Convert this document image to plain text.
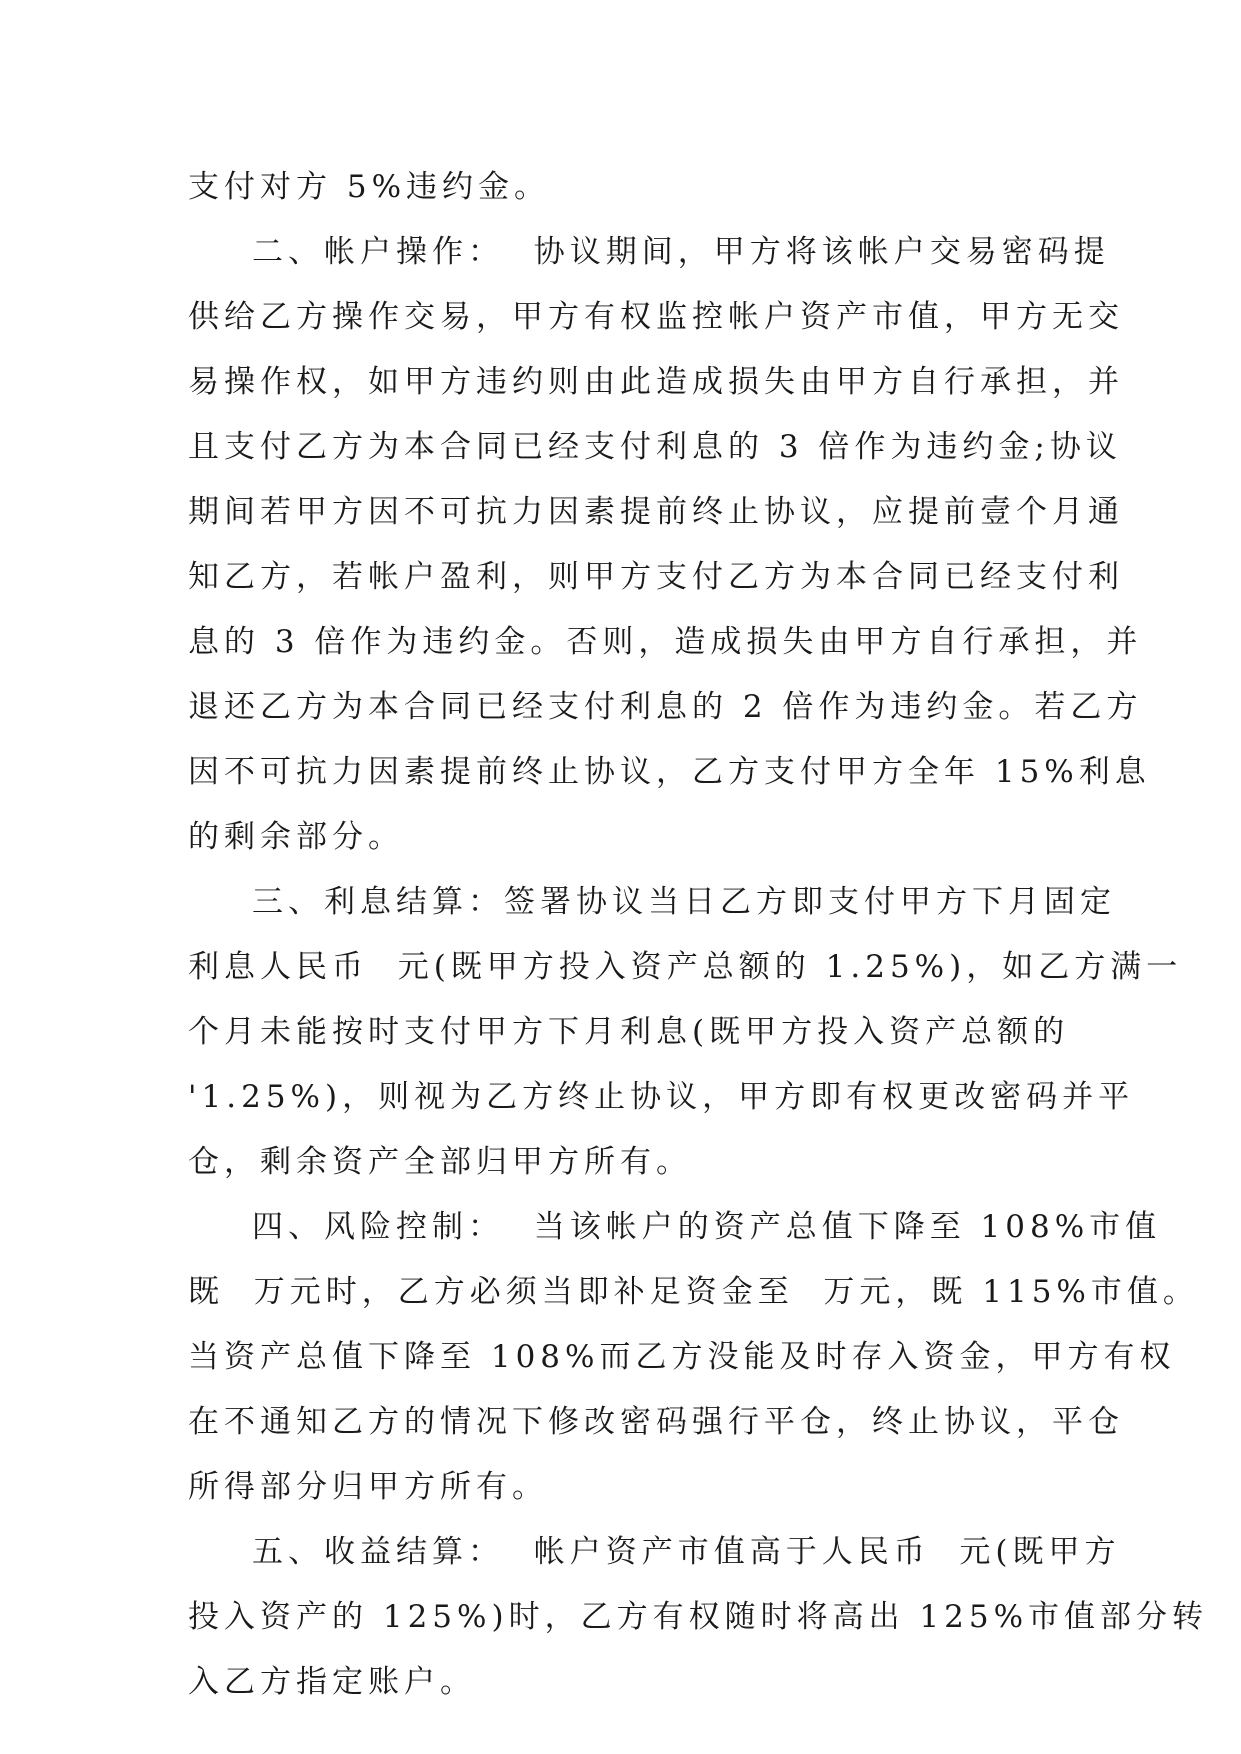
支付对方 5%违约金。
二、帐户操作：  协议期间，甲方将该帐户交易密码提
供给乙方操作交易，甲方有权监控帐户资产市值，甲方无交
易操作权，如甲方违约则由此造成损失由甲方自行承担，并
且支付乙方为本合同已经支付利息的 3 倍作为违约金;协议
期间若甲方因不可抗力因素提前终止协议，应提前壹个月通
知乙方，若帐户盈利，则甲方支付乙方为本合同已经支付利
息的 3 倍作为违约金。否则，造成损失由甲方自行承担，并
退还乙方为本合同已经支付利息的 2 倍作为违约金。若乙方
因不可抗力因素提前终止协议，乙方支付甲方全年 15%利息
的剩余部分。
三、利息结算：签署协议当日乙方即支付甲方下月固定
利息人民币  元(既甲方投入资产总额的 1.25%)，如乙方满一
个月未能按时支付甲方下月利息(既甲方投入资产总额的
'1.25%)，则视为乙方终止协议，甲方即有权更改密码并平
仓，剩余资产全部归甲方所有。
四、风险控制：  当该帐户的资产总值下降至 108%市值
既  万元时，乙方必须当即补足资金至  万元，既 115%市值。
当资产总值下降至 108%而乙方没能及时存入资金，甲方有权
在不通知乙方的情况下修改密码强行平仓，终止协议，平仓
所得部分归甲方所有。
五、收益结算：  帐户资产市值高于人民币  元(既甲方
投入资产的 125%)时，乙方有权随时将高出 125%市值部分转
入乙方指定账户。
